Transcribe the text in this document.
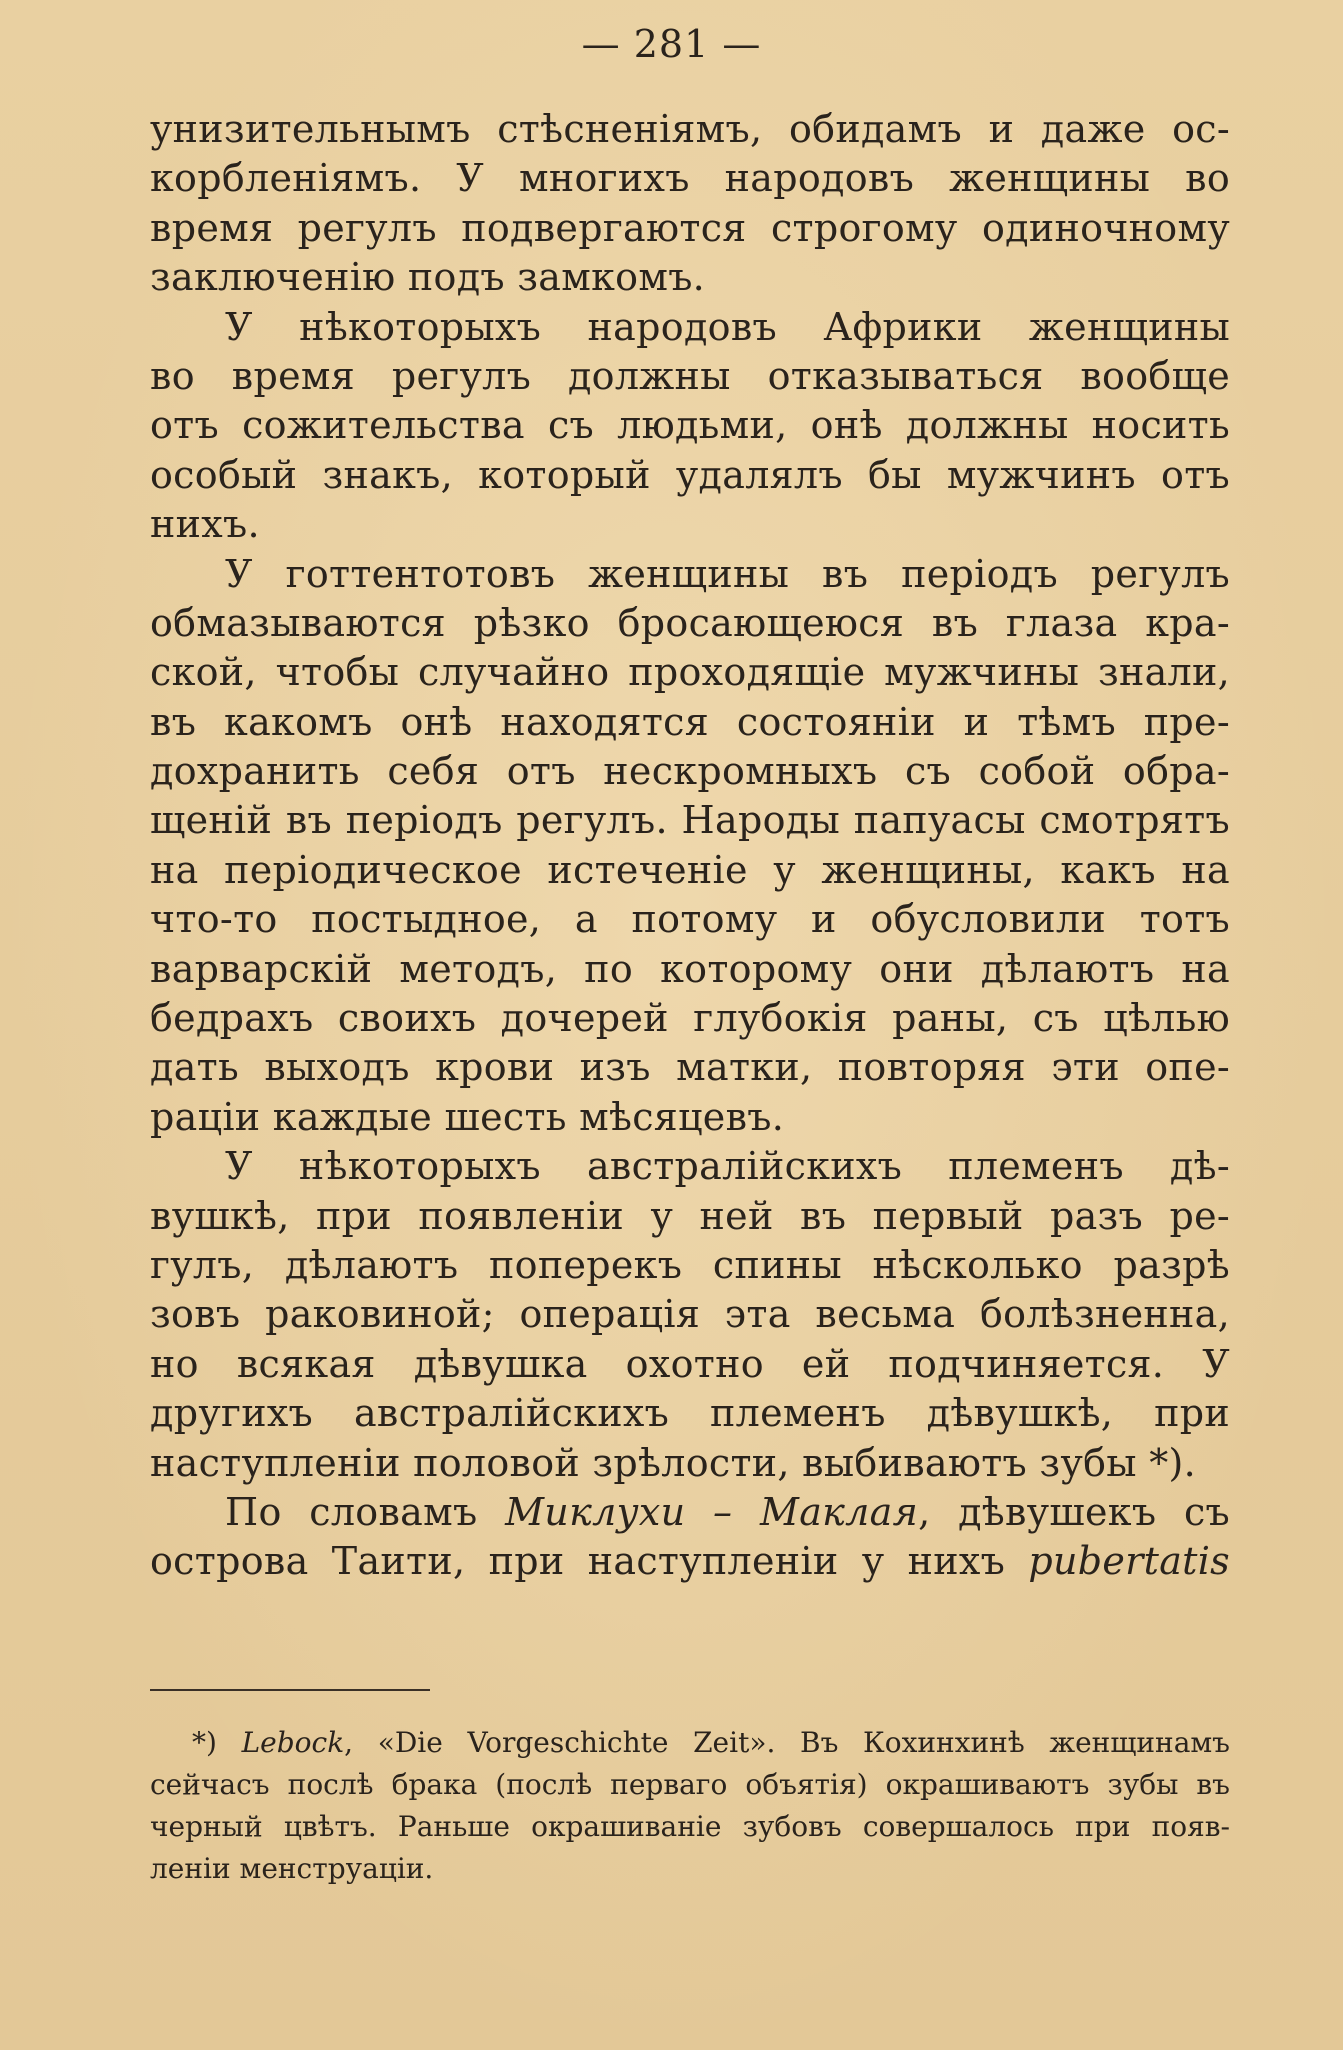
— 281 —
унизительнымъ стѣсненіямъ, обидамъ и даже ос-
корбленіямъ. У многихъ народовъ женщины во
время регулъ подвергаются строгому одиночному
заключенію подъ замкомъ.
У нѣкоторыхъ народовъ Африки женщины
во время регулъ должны отказываться вообще
отъ сожительства съ людьми, онѣ должны носить
особый знакъ, который удалялъ бы мужчинъ отъ
нихъ.
У готтентотовъ женщины въ періодъ регулъ
обмазываются рѣзко бросающеюся въ глаза кра-
ской, чтобы случайно проходящіе мужчины знали,
въ какомъ онѣ находятся состояніи и тѣмъ пре-
дохранить себя отъ нескромныхъ съ собой обра-
щеній въ періодъ регулъ. Народы папуасы смотрятъ
на періодическое истеченіе у женщины, какъ на
что-то постыдное, а потому и обусловили тотъ
варварскій методъ, по которому они дѣлаютъ на
бедрахъ своихъ дочерей глубокія раны, съ цѣлью
дать выходъ крови изъ матки, повторяя эти опе-
раціи каждые шесть мѣсяцевъ.
У нѣкоторыхъ австралійскихъ племенъ дѣ-
вушкѣ, при появленіи у ней въ первый разъ ре-
гулъ, дѣлаютъ поперекъ спины нѣсколько разрѣ
зовъ раковиной; операція эта весьма болѣзненна,
но всякая дѣвушка охотно ей подчиняется. У
другихъ австралійскихъ племенъ дѣвушкѣ, при
наступленіи половой зрѣлости, выбиваютъ зубы *).
По словамъ Миклухи – Маклая, дѣвушекъ съ
острова Таити, при наступленіи у нихъ pubertatis
*) Lebock, «Die Vorgeschichte Zeit». Въ Кохинхинѣ женщинамъ
сейчасъ послѣ брака (послѣ перваго объятія) окрашиваютъ зубы въ
черный цвѣтъ. Раньше окрашиваніе зубовъ совершалось при появ-
леніи менструаціи.
